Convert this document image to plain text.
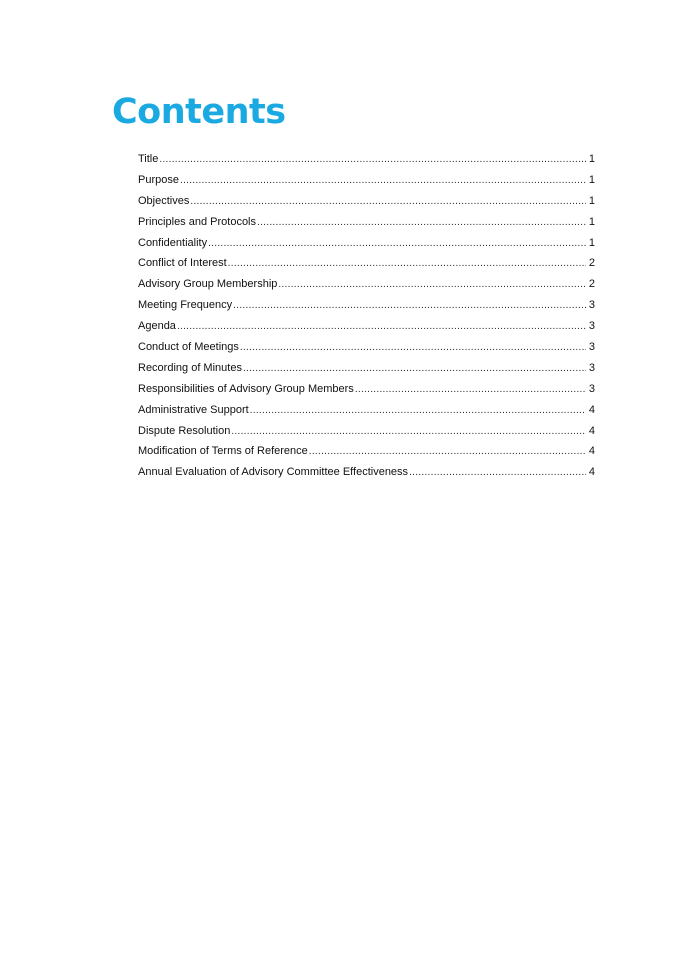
Contents
Title .....	1
Purpose .....	1
Objectives .....	1
Principles and Protocols .....	1
Confidentiality .....	1
Conflict of Interest .....	2
Advisory Group Membership .....	2
Meeting Frequency .....	3
Agenda .....	3
Conduct of Meetings .....	3
Recording of Minutes .....	3
Responsibilities of Advisory Group Members .....	3
Administrative Support .....	4
Dispute Resolution .....	4
Modification of Terms of Reference .....	4
Annual Evaluation of Advisory Committee Effectiveness .....	4
